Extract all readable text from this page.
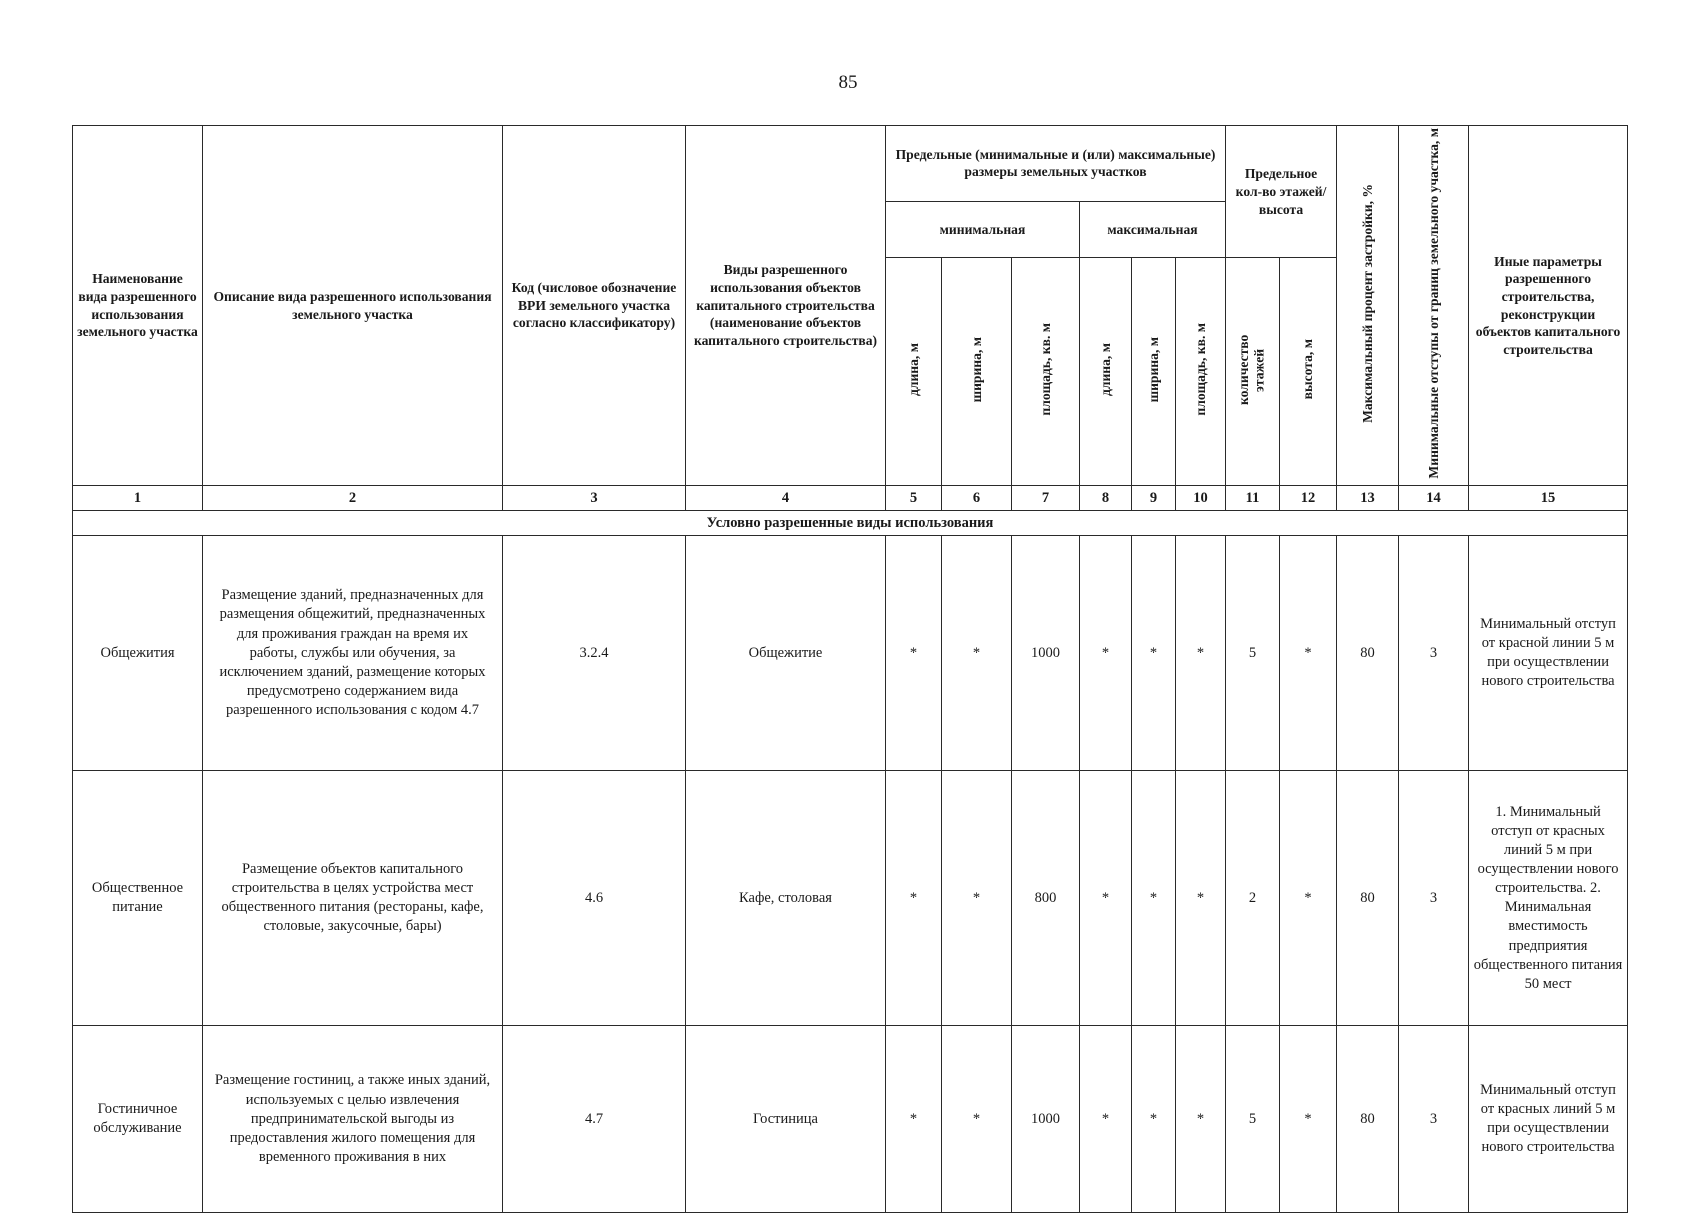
85
Наименование вида разрешенного использования земельного участка	Описание вида разрешенного использования земельного участка	Код (числовое обозначение ВРИ земельного участка согласно классификатору)	Виды разрешенного использования объектов капитального строительства (наименование объектов капитального строительства)	Предельные (минимальные и (или) максимальные) размеры земельных участков						Предельное кол-во этажей/высота		Максимальный процент застройки, %	Минимальные отступы от границ земельного участка, м	Иные параметры разрешенного строительства, реконструкции объектов капитального строительства
				минимальная			максимальная							
				длина, м	ширина, м	площадь, кв. м	длина, м	ширина, м	площадь, кв. м	количество этажей	высота, м			
1	2	3	4	5	6	7	8	9	10	11	12	13	14	15
Условно разрешенные виды использования														
Общежития	Размещение зданий, предназначенных для размещения общежитий, предназначенных для проживания граждан на время их работы, службы или обучения, за исключением зданий, размещение которых предусмотрено содержанием вида разрешенного использования с кодом 4.7	3.2.4	Общежитие	*	*	1000	*	*	*	5	*	80	3	Минимальный отступ от красной линии 5 м при осуществлении нового строительства
Общественное питание	Размещение объектов капитального строительства в целях устройства мест общественного питания (рестораны, кафе, столовые, закусочные, бары)	4.6	Кафе, столовая	*	*	800	*	*	*	2	*	80	3	1. Минимальный отступ от красных линий 5 м при осуществлении нового строительства. 2. Минимальная вместимость предприятия общественного питания 50 мест
Гостиничное обслуживание	Размещение гостиниц, а также иных зданий, используемых с целью извлечения предпринимательской выгоды из предоставления жилого помещения для временного проживания в них	4.7	Гостиница	*	*	1000	*	*	*	5	*	80	3	Минимальный отступ от красных линий 5 м при осуществлении нового строительства
